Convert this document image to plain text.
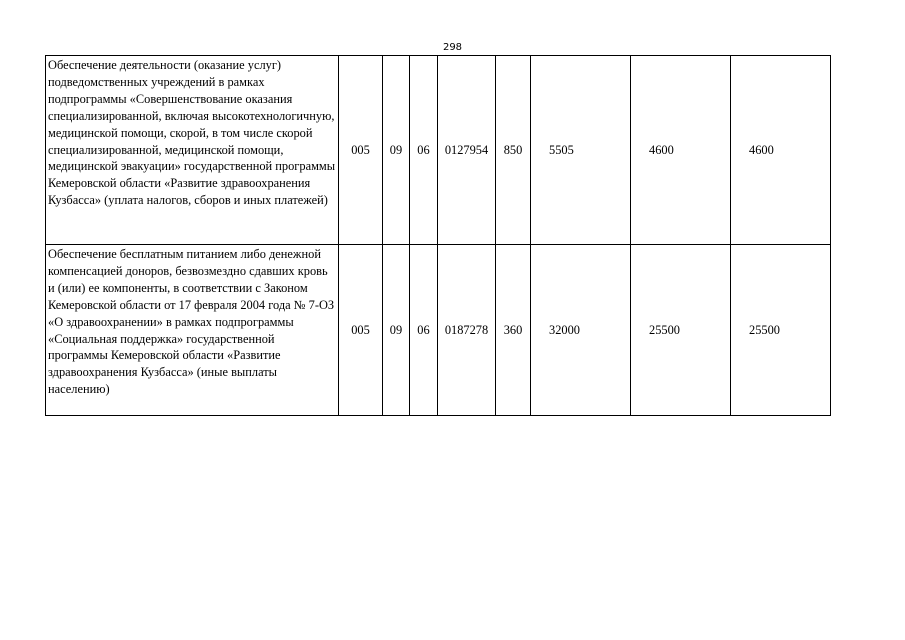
298
Обеспечение деятельности (оказание услуг) подведомственных учреждений в рамках подпрограммы «Совершенствование оказания специализированной, включая высокотехнологичную, медицинской помощи, скорой, в том числе скорой специализированной, медицинской помощи, медицинской эвакуации» государственной программы Кемеровской области «Развитие здравоохранения Кузбасса» (уплата налогов, сборов и иных платежей)	005	09	06	0127954	850	5505	4600	4600
Обеспечение бесплатным питанием либо денежной компенсацией доноров, безвозмездно сдавших кровь и (или) ее компоненты, в соответствии с Законом Кемеровской области от 17 февраля 2004 года № 7-ОЗ «О здравоохранении» в рамках подпрограммы «Социальная поддержка» государственной программы Кемеровской области «Развитие здравоохранения Кузбасса» (иные выплаты населению)	005	09	06	0187278	360	32000	25500	25500
